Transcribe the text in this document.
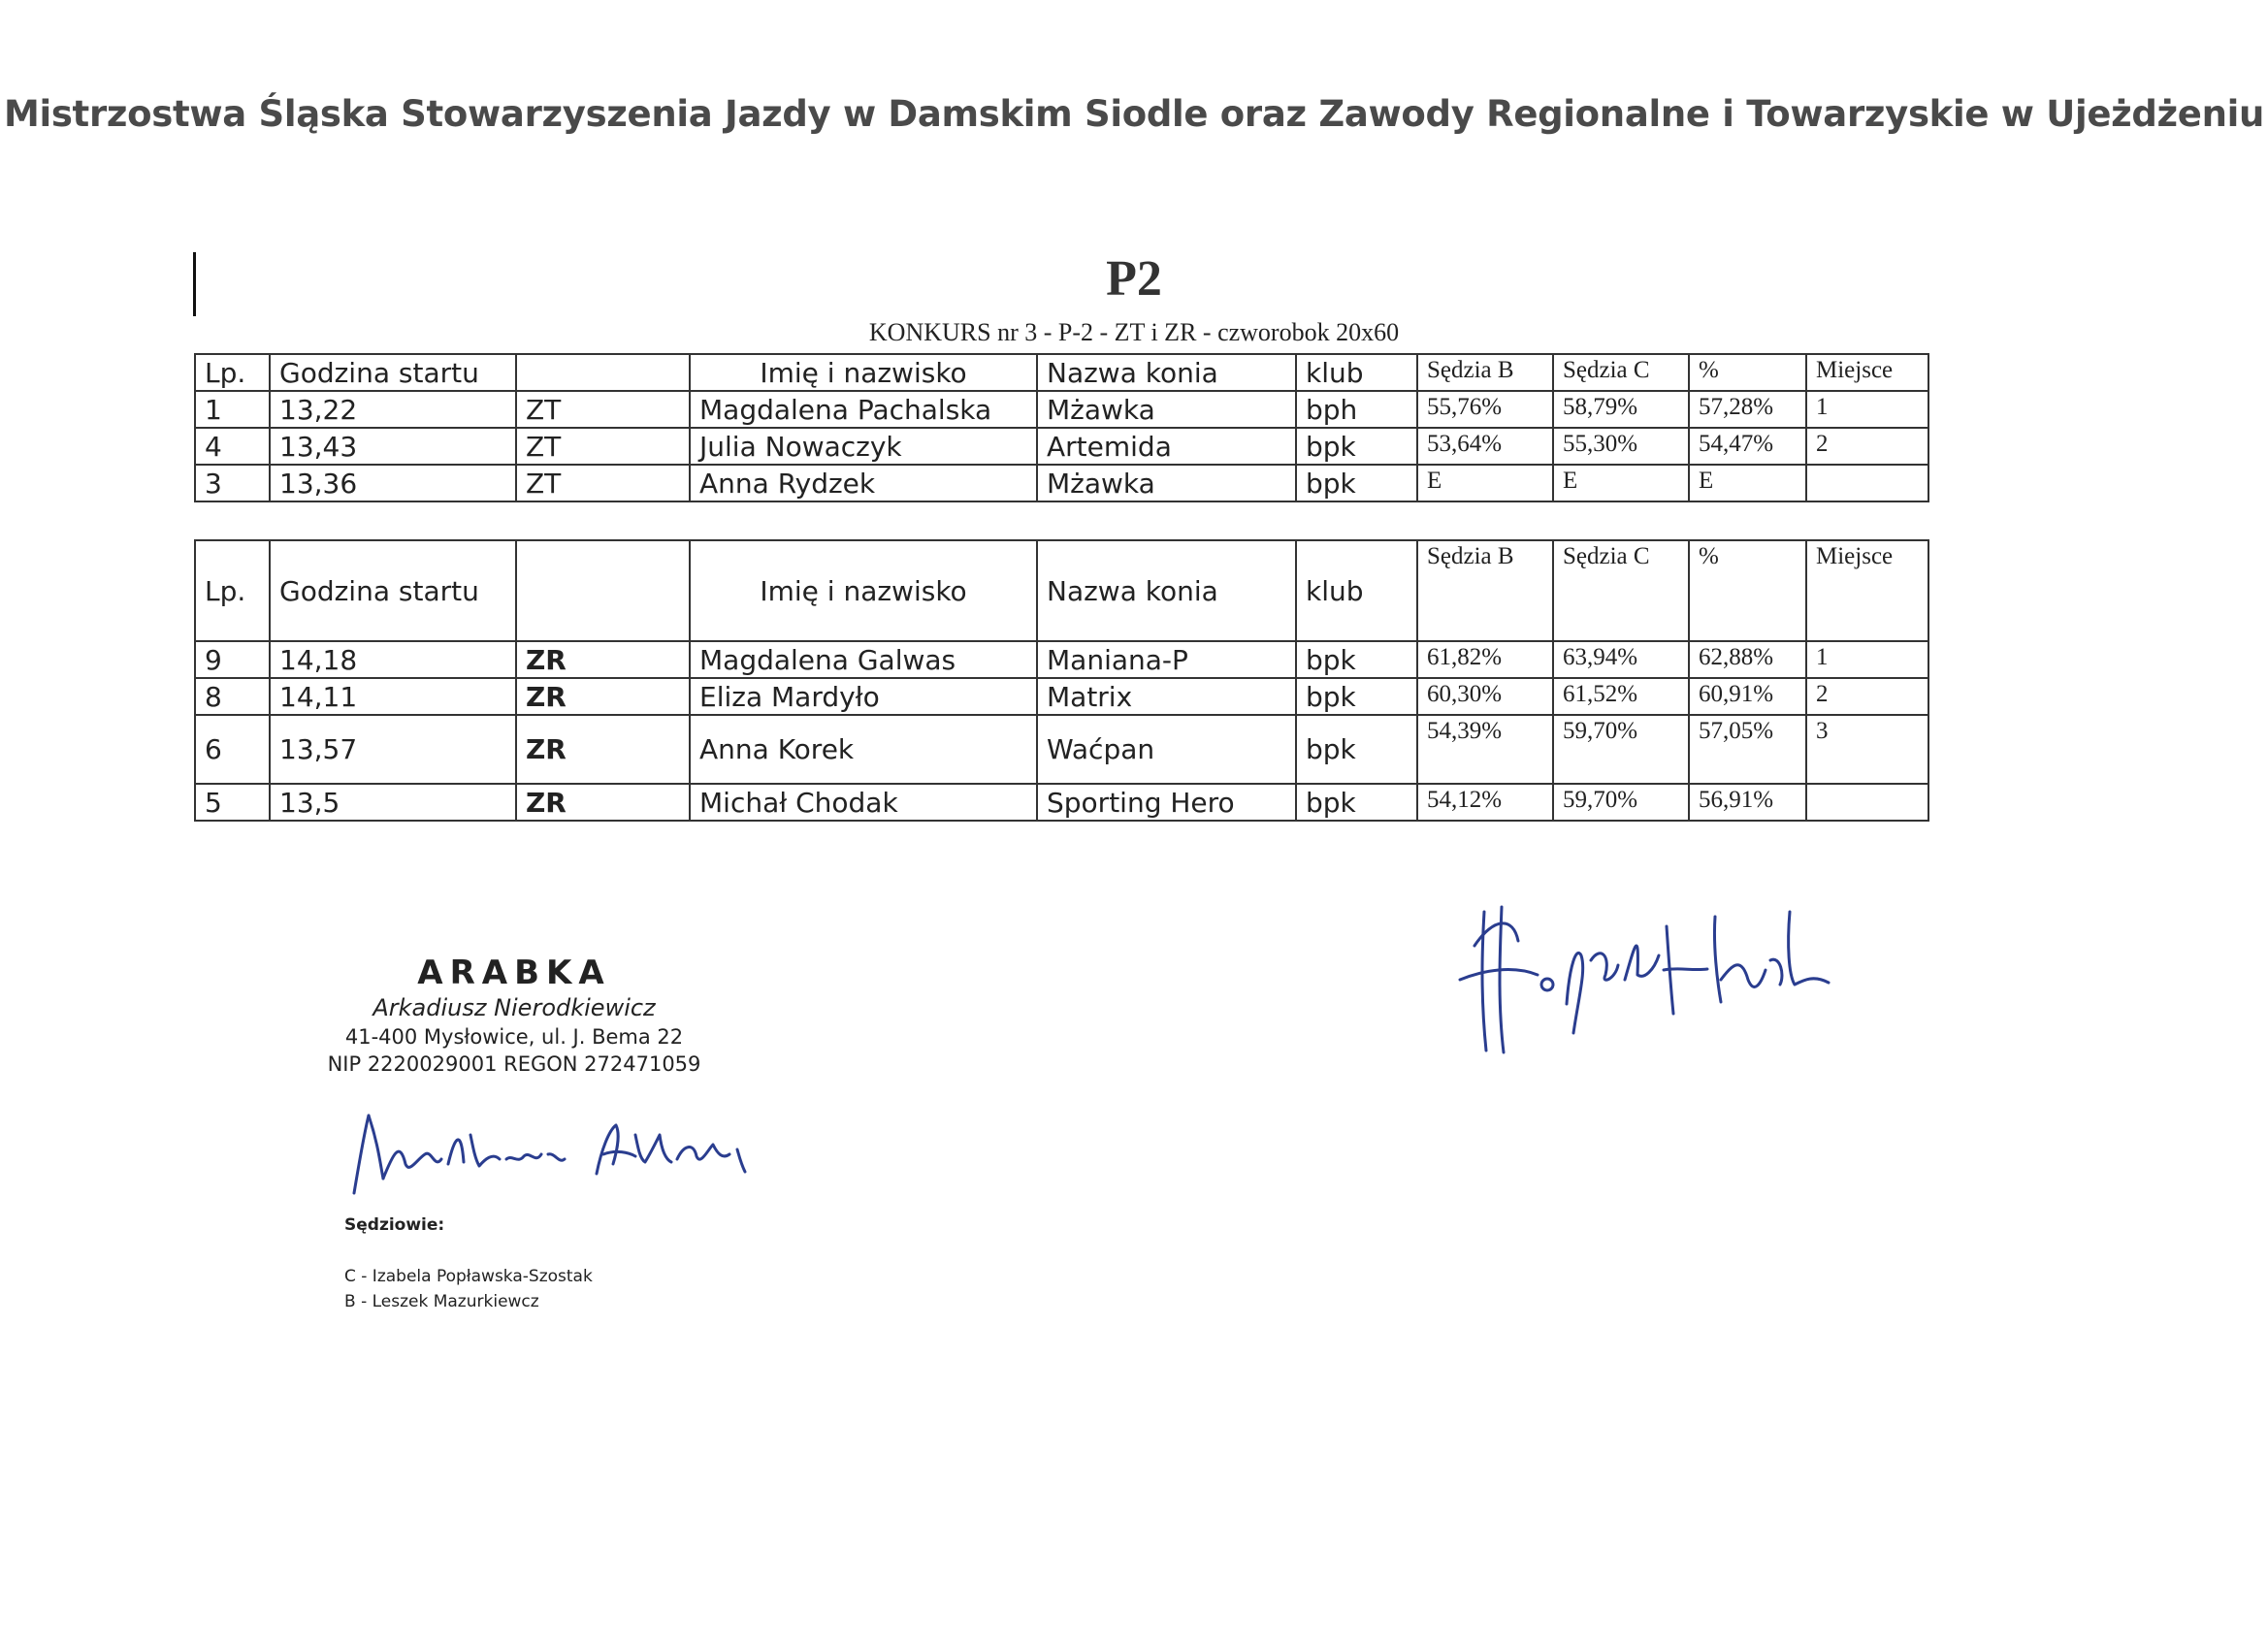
Mistrzostwa Śląska Stowarzyszenia Jazdy w Damskim Siodle oraz Zawody Regionalne i Towarzyskie w Ujeżdżeniu
P2
KONKURS nr 3 - P-2 - ZT i ZR - czworobok 20x60
Lp.	Godzina startu		Imię i nazwisko	Nazwa konia	klub	Sędzia B	Sędzia C	%	Miejsce
1	13,22	ZT	Magdalena Pachalska	Mżawka	bph	55,76%	58,79%	57,28%	1
4	13,43	ZT	Julia Nowaczyk	Artemida	bpk	53,64%	55,30%	54,47%	2
3	13,36	ZT	Anna Rydzek	Mżawka	bpk	E	E	E	
Lp.	Godzina startu		Imię i nazwisko	Nazwa konia	klub	Sędzia B	Sędzia C	%	Miejsce
9	14,18	ZR	Magdalena Galwas	Maniana-P	bpk	61,82%	63,94%	62,88%	1
8	14,11	ZR	Eliza Mardyło	Matrix	bpk	60,30%	61,52%	60,91%	2
6	13,57	ZR	Anna Korek	Waćpan	bpk	54,39%	59,70%	57,05%	3
5	13,5	ZR	Michał Chodak	Sporting Hero	bpk	54,12%	59,70%	56,91%	
ARABKA
Arkadiusz Nierodkiewicz
41-400 Mysłowice, ul. J. Bema 22
NIP 2220029001 REGON 272471059
Sędziowie:
C - Izabela Popławska-Szostak
B - Leszek Mazurkiewcz
